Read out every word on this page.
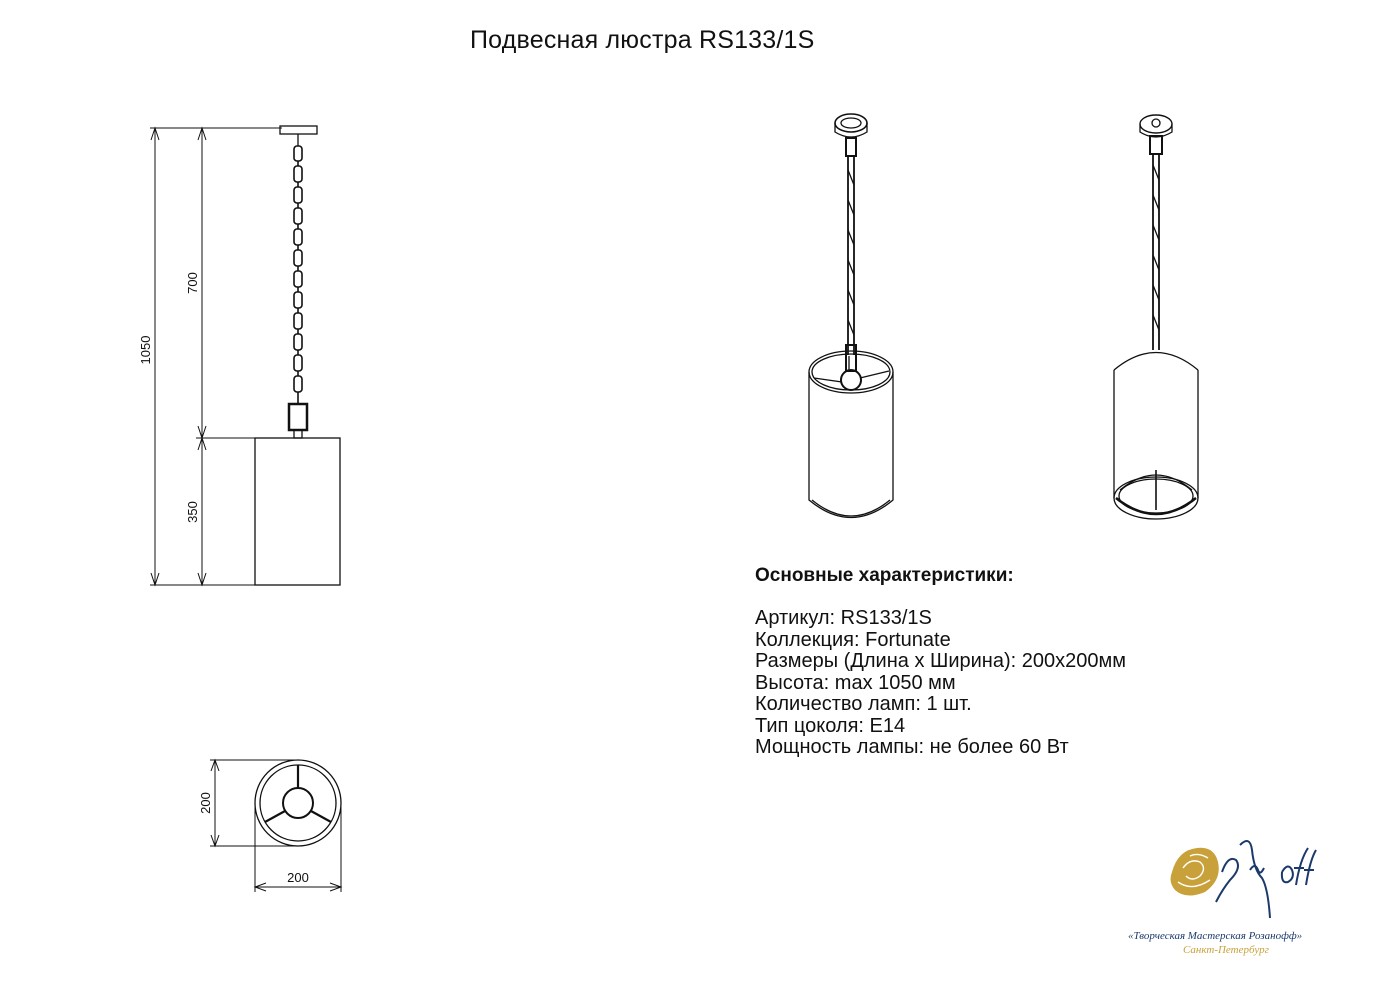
Подвесная люстра RS133/1S
1050
700
350
200
200
Основные характеристики:
Артикул: RS133/1S
Коллекция: Fortunate
Размеры (Длина x Ширина): 200x200мм
Высота: max 1050 мм
Количество ламп: 1 шт.
Тип цоколя: E14
Мощность лампы: не более 60 Вт
«Творческая Мастерская Розанофф»
Санкт-Петербург
